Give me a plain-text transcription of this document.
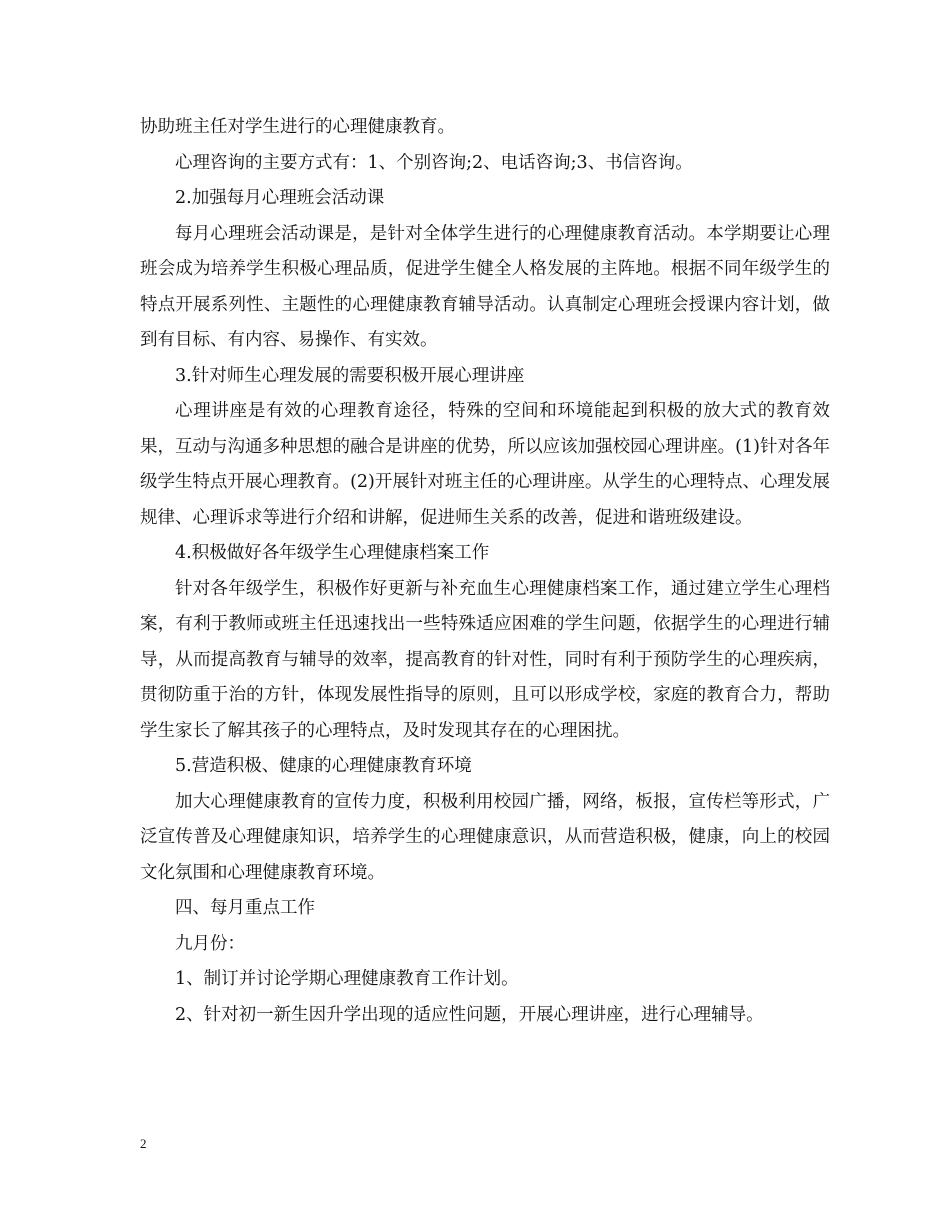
协助班主任对学生进行的心理健康教育。

心理咨询的主要方式有：1、个别咨询;2、电话咨询;3、书信咨询。

2.加强每月心理班会活动课

每月心理班会活动课是，是针对全体学生进行的心理健康教育活动。本学期要让心理班会成为培养学生积极心理品质，促进学生健全人格发展的主阵地。根据不同年级学生的特点开展系列性、主题性的心理健康教育辅导活动。认真制定心理班会授课内容计划，做到有目标、有内容、易操作、有实效。

3.针对师生心理发展的需要积极开展心理讲座

心理讲座是有效的心理教育途径，特殊的空间和环境能起到积极的放大式的教育效果，互动与沟通多种思想的融合是讲座的优势，所以应该加强校园心理讲座。(1)针对各年级学生特点开展心理教育。(2)开展针对班主任的心理讲座。从学生的心理特点、心理发展规律、心理诉求等进行介绍和讲解，促进师生关系的改善，促进和谐班级建设。

4.积极做好各年级学生心理健康档案工作

针对各年级学生，积极作好更新与补充血生心理健康档案工作，通过建立学生心理档案，有利于教师或班主任迅速找出一些特殊适应困难的学生问题，依据学生的心理进行辅导，从而提高教育与辅导的效率，提高教育的针对性，同时有利于预防学生的心理疾病，贯彻防重于治的方针，体现发展性指导的原则，且可以形成学校，家庭的教育合力，帮助学生家长了解其孩子的心理特点，及时发现其存在的心理困扰。

5.营造积极、健康的心理健康教育环境

加大心理健康教育的宣传力度，积极利用校园广播，网络，板报，宣传栏等形式，广泛宣传普及心理健康知识，培养学生的心理健康意识，从而营造积极，健康，向上的校园文化氛围和心理健康教育环境。

四、每月重点工作

九月份：

1、制订并讨论学期心理健康教育工作计划。

2、针对初一新生因升学出现的适应性问题，开展心理讲座，进行心理辅导。

2
